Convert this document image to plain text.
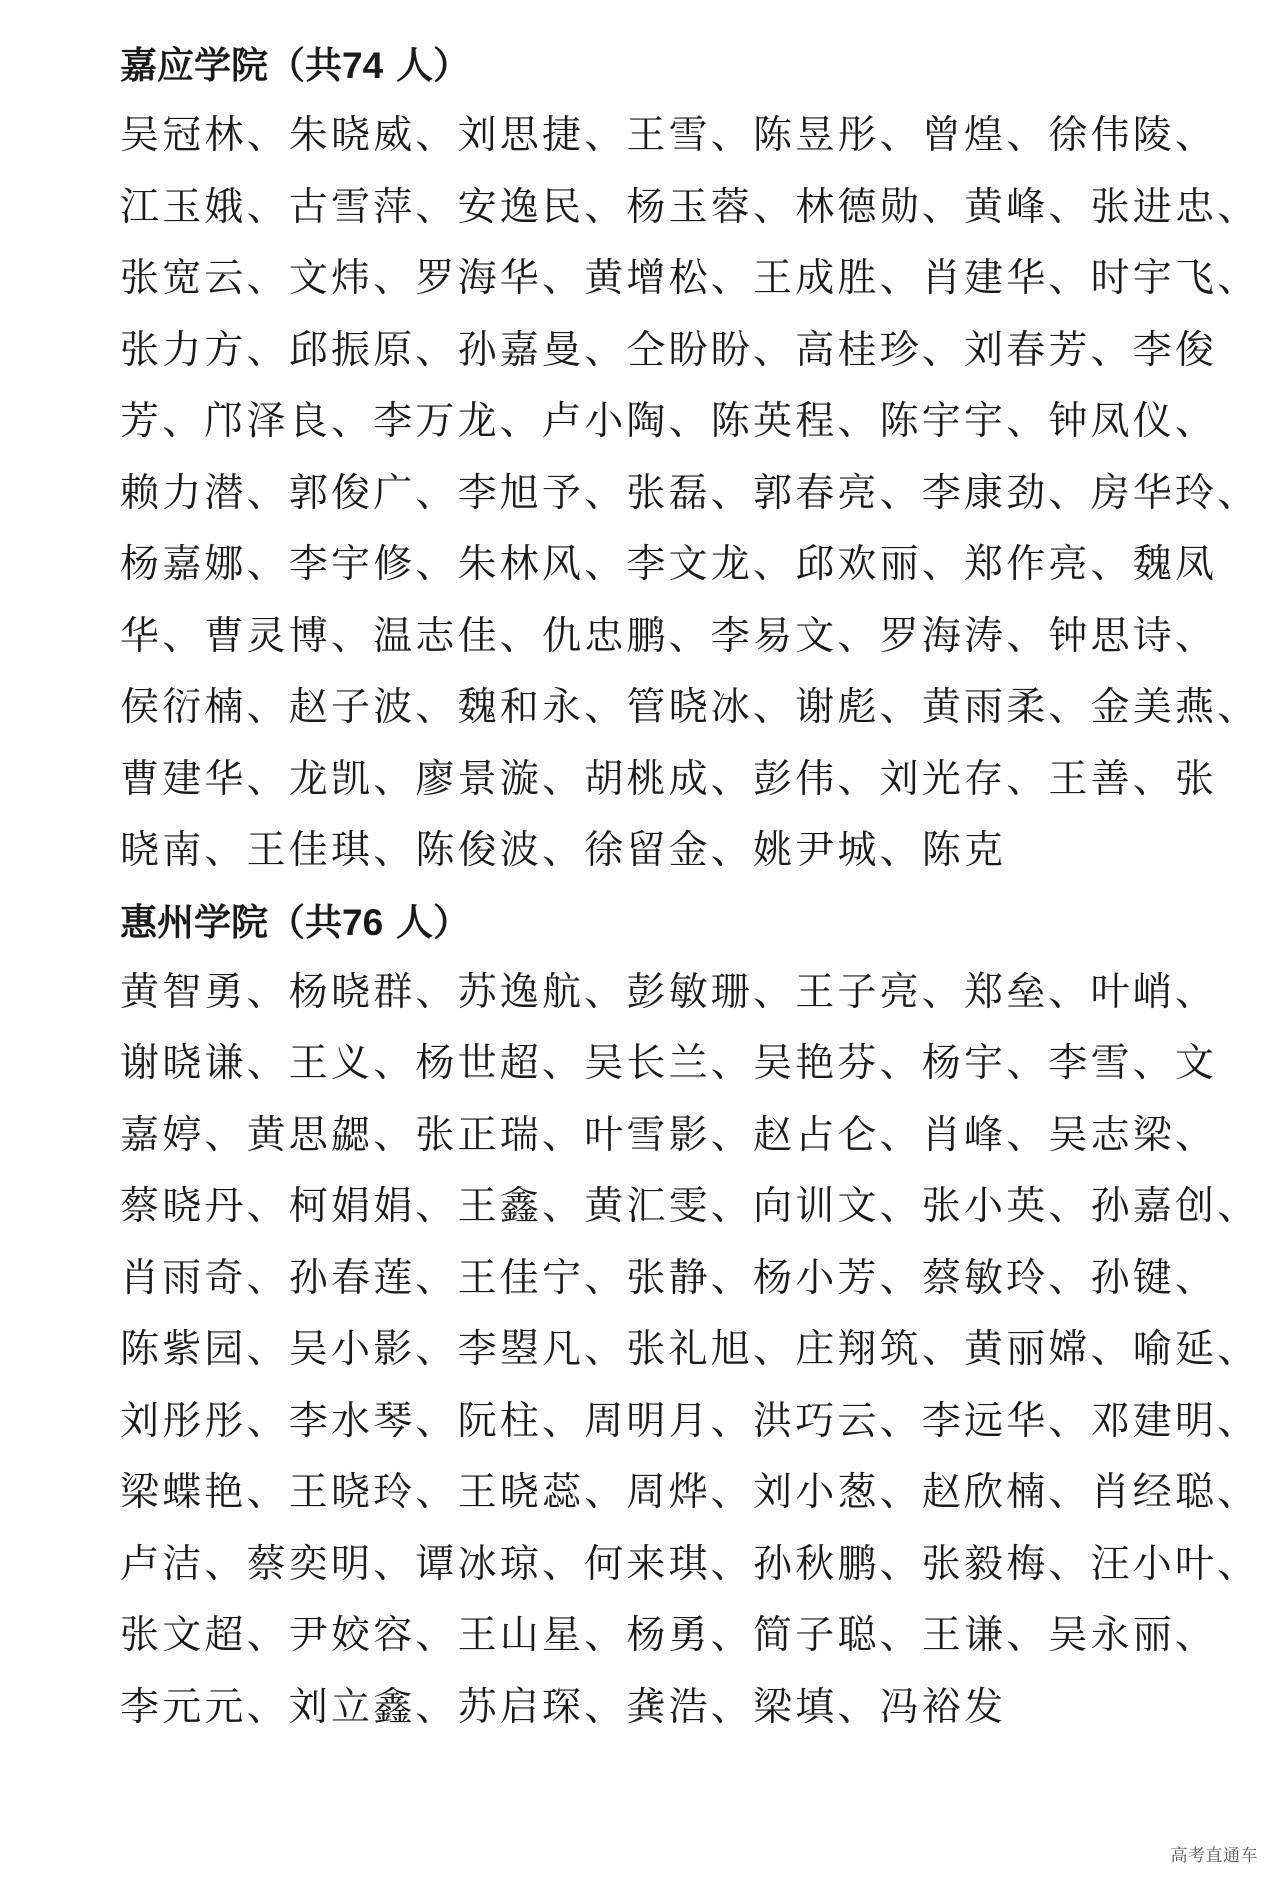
嘉应学院（共74 人）
吴冠林、朱晓威、刘思捷、王雪、陈昱彤、曾煌、徐伟陵、
江玉娥、古雪萍、安逸民、杨玉蓉、林德勋、黄峰、张进忠、
张宽云、文炜、罗海华、黄增松、王成胜、肖建华、时宇飞、
张力方、邱振原、孙嘉曼、仝盼盼、高桂珍、刘春芳、李俊
芳、邝泽良、李万龙、卢小陶、陈英程、陈宇宇、钟凤仪、
赖力潜、郭俊广、李旭予、张磊、郭春亮、李康劲、房华玲、
杨嘉娜、李宇修、朱林风、李文龙、邱欢丽、郑作亮、魏凤
华、曹灵博、温志佳、仇忠鹏、李易文、罗海涛、钟思诗、
侯衍楠、赵子波、魏和永、管晓冰、谢彪、黄雨柔、金美燕、
曹建华、龙凯、廖景漩、胡桃成、彭伟、刘光存、王善、张
晓南、王佳琪、陈俊波、徐留金、姚尹城、陈克
惠州学院（共76 人）
黄智勇、杨晓群、苏逸航、彭敏珊、王子亮、郑垒、叶峭、
谢晓谦、王义、杨世超、吴长兰、吴艳芬、杨宇、李雪、文
嘉婷、黄思勰、张正瑞、叶雪影、赵占仑、肖峰、吴志梁、
蔡晓丹、柯娟娟、王鑫、黄汇雯、向训文、张小英、孙嘉创、
肖雨奇、孙春莲、王佳宁、张静、杨小芳、蔡敏玲、孙键、
陈紫园、吴小影、李曌凡、张礼旭、庄翔筑、黄丽嫦、喻延、
刘彤彤、李水琴、阮柱、周明月、洪巧云、李远华、邓建明、
梁蝶艳、王晓玲、王晓蕊、周烨、刘小葱、赵欣楠、肖经聪、
卢洁、蔡奕明、谭冰琼、何来琪、孙秋鹏、张毅梅、汪小叶、
张文超、尹姣容、王山星、杨勇、简子聪、王谦、吴永丽、
李元元、刘立鑫、苏启琛、龚浩、梁填、冯裕发
高考直通车
